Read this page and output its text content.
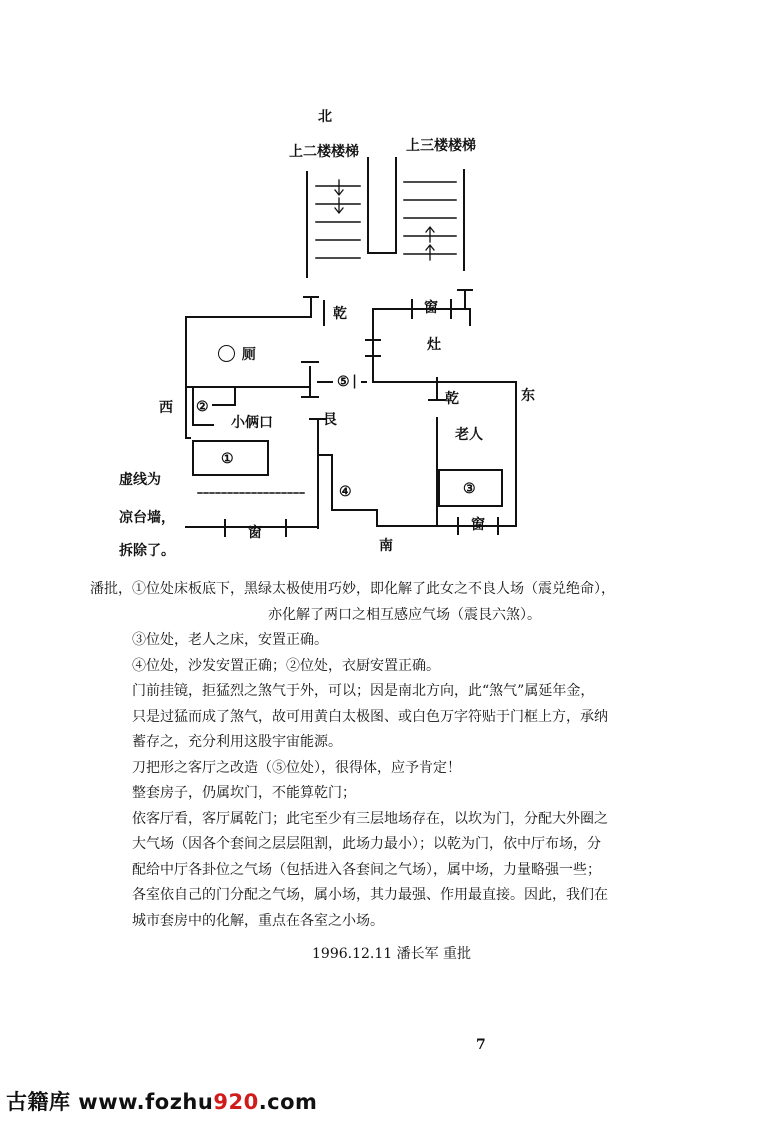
北
上二楼楼梯	上三楼楼梯
乾	窗
厕
灶
⑤ |
西 ②
东
乾
小俩口	艮
老人
①
④	③
虚线为
凉台墙，
拆除了。
窗	窗
南

潘批，①位处床板底下，黑绿太极使用巧妙，即化解了此女之不良人场（震兑绝命），

亦化解了两口之相互感应气场（震艮六煞）。

③位处，老人之床，安置正确。

④位处，沙发安置正确；②位处，衣厨安置正确。

门前挂镜，拒猛烈之煞气于外，可以；因是南北方向，此“煞气”属延年金，

只是过猛而成了煞气，故可用黄白太极图、或白色万字符贴于门框上方，承纳

蓄存之，充分利用这股宇宙能源。

刀把形之客厅之改造（⑤位处），很得体，应予肯定！

整套房子，仍属坎门，不能算乾门；

依客厅看，客厅属乾门；此宅至少有三层地场存在，以坎为门，分配大外圈之

大气场（因各个套间之层层阻割，此场力最小）；以乾为门，依中厅布场，分

配给中厅各卦位之气场（包括进入各套间之气场），属中场，力量略强一些；

各室依自己的门分配之气场，属小场，其力最强、作用最直接。因此，我们在

城市套房中的化解，重点在各室之小场。

1996.12.11 潘长军 重批
7
古籍库 www.fozhu920.com
